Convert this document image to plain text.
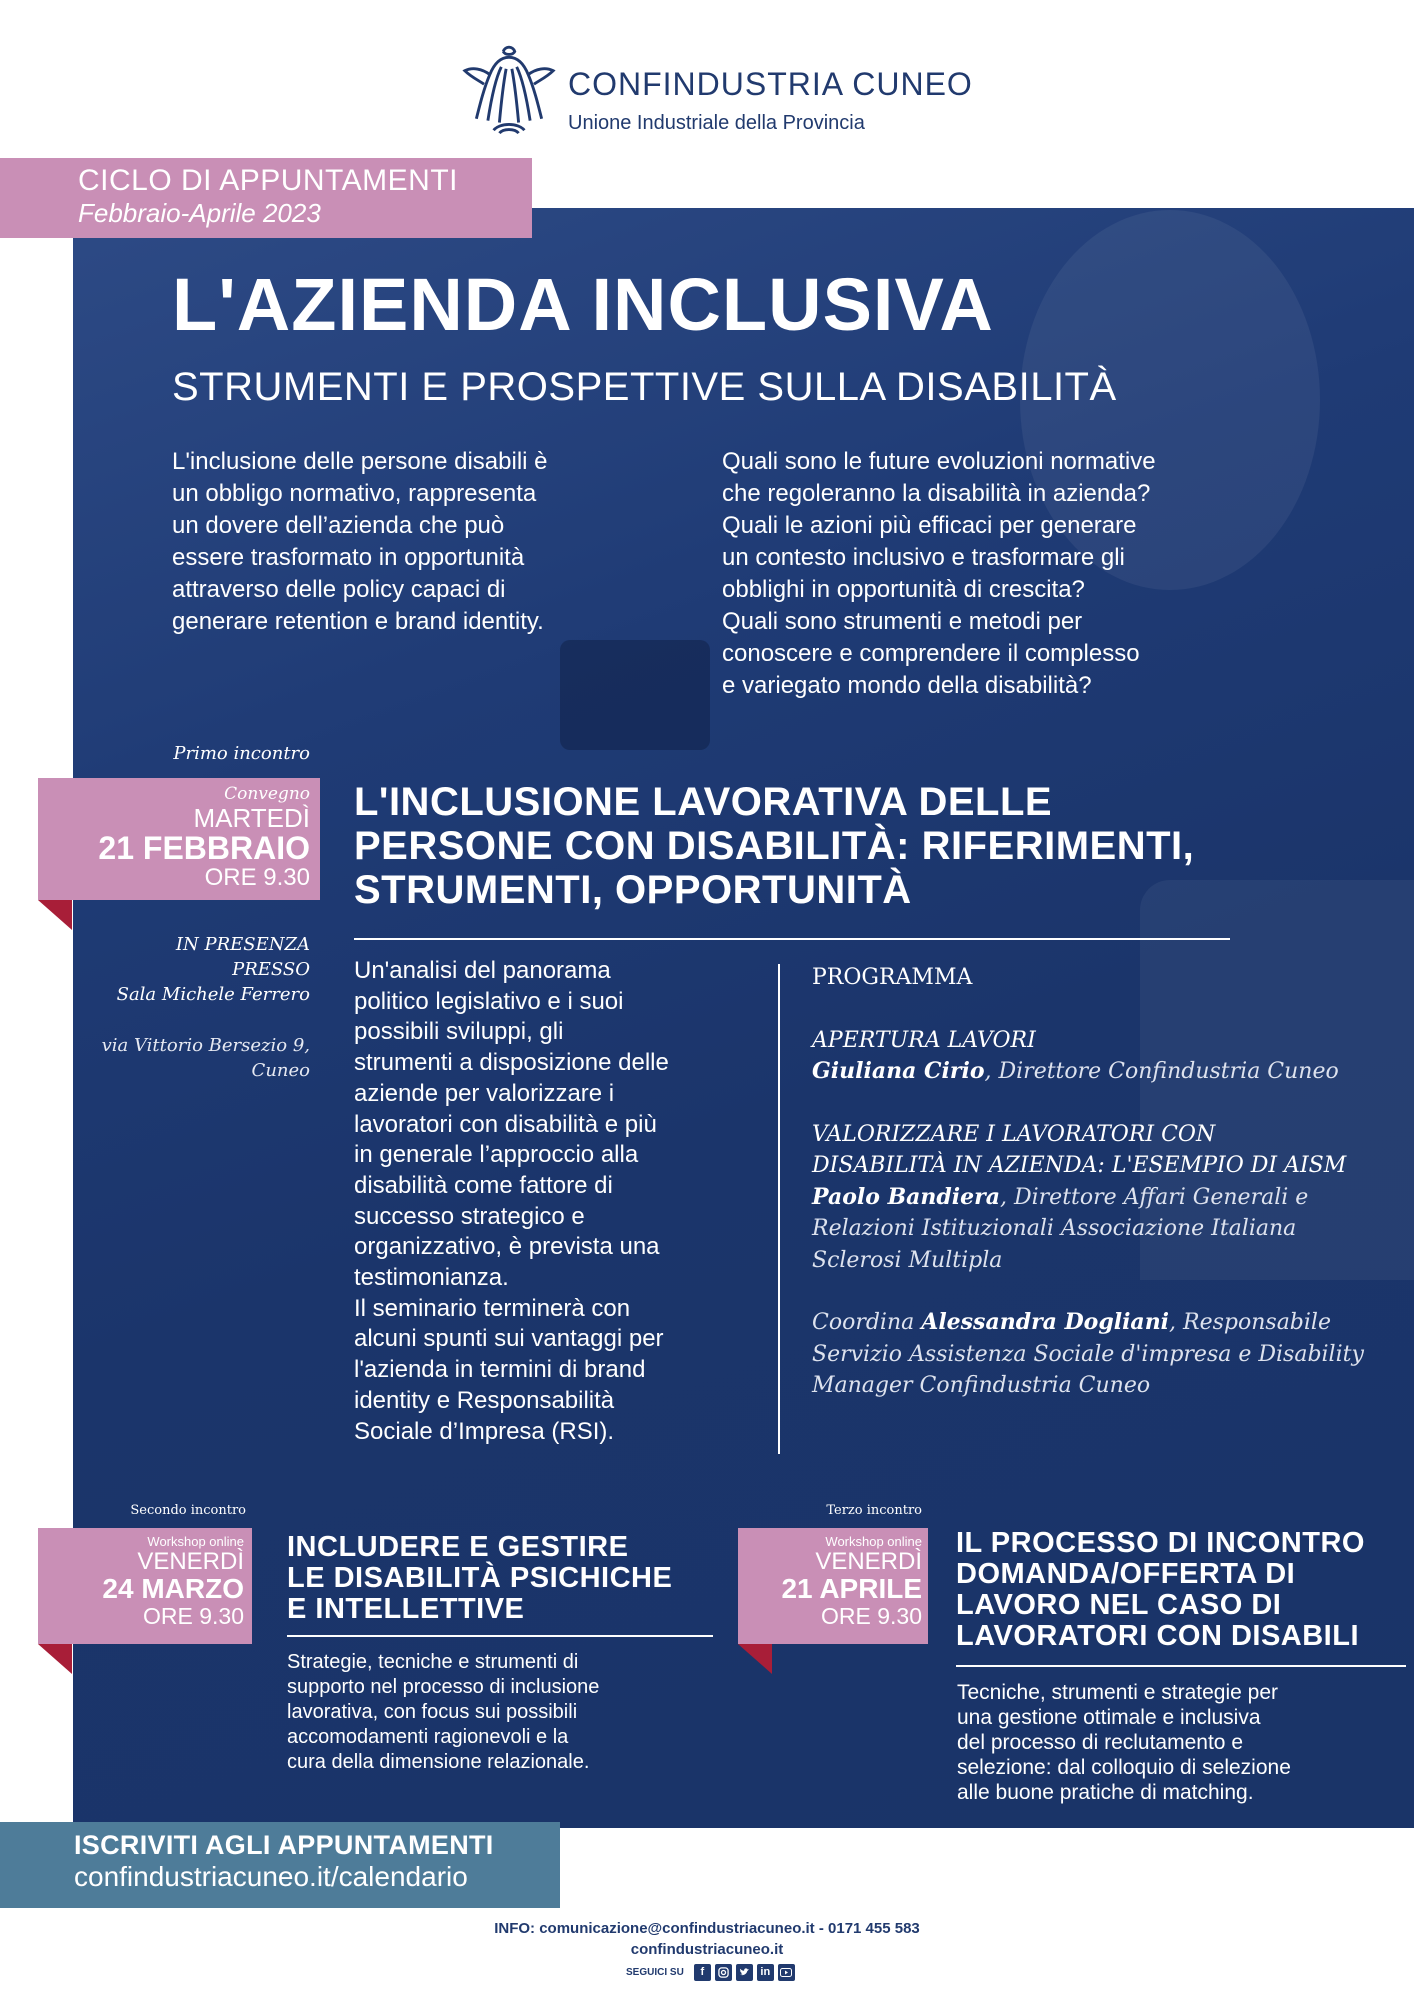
CONFINDUSTRIA CUNEO
Unione Industriale della Provincia
CICLO DI APPUNTAMENTI
Febbraio-Aprile 2023
L'AZIENDA INCLUSIVA
STRUMENTI E PROSPETTIVE SULLA DISABILITÀ
L'inclusione delle persone disabili è
un obbligo normativo, rappresenta
un dovere dell’azienda che può
essere trasformato in opportunità
attraverso delle policy capaci di
generare retention e brand identity.
Quali sono le future evoluzioni normative
che regoleranno la disabilità in azienda?
Quali le azioni più efficaci per generare
un contesto inclusivo e trasformare gli
obblighi in opportunità di crescita?
Quali sono strumenti e metodi per
conoscere e comprendere il complesso
e variegato mondo della disabilità?
Primo incontro
Convegno
MARTEDÌ
21 FEBBRAIO
ORE 9.30
IN PRESENZA
PRESSO
Sala Michele Ferrero
via Vittorio Bersezio 9,
Cuneo
L'INCLUSIONE LAVORATIVA DELLE
PERSONE CON DISABILITÀ: RIFERIMENTI,
STRUMENTI, OPPORTUNITÀ
Un'analisi del panorama
politico legislativo e i suoi
possibili sviluppi, gli
strumenti a disposizione delle
aziende per valorizzare i
lavoratori con disabilità e più
in generale l’approccio alla
disabilità come fattore di
successo strategico e
organizzativo, è prevista una
testimonianza.
Il seminario terminerà con
alcuni spunti sui vantaggi per
l'azienda in termini di brand
identity e Responsabilità
Sociale d’Impresa (RSI).
PROGRAMMA
APERTURA LAVORI
Giuliana Cirio, Direttore Confindustria Cuneo
VALORIZZARE I LAVORATORI CON
DISABILITÀ IN AZIENDA: L'ESEMPIO DI AISM
Paolo Bandiera, Direttore Affari Generali e
Relazioni Istituzionali Associazione Italiana
Sclerosi Multipla
Coordina Alessandra Dogliani, Responsabile
Servizio Assistenza Sociale d'impresa e Disability
Manager Confindustria Cuneo
Secondo incontro
Workshop online
VENERDÌ
24 MARZO
ORE 9.30
INCLUDERE E GESTIRE
LE DISABILITÀ PSICHICHE
E INTELLETTIVE
Strategie, tecniche e strumenti di
supporto nel processo di inclusione
lavorativa, con focus sui possibili
accomodamenti ragionevoli e la
cura della dimensione relazionale.
Terzo incontro
Workshop online
VENERDÌ
21 APRILE
ORE 9.30
IL PROCESSO DI INCONTRO
DOMANDA/OFFERTA DI
LAVORO NEL CASO DI
LAVORATORI CON DISABILI
Tecniche, strumenti e strategie per
una gestione ottimale e inclusiva
del processo di reclutamento e
selezione: dal colloquio di selezione
alle buone pratiche di matching.
ISCRIVITI AGLI APPUNTAMENTI
confindustriacuneo.it/calendario
Ingresso libero e gratuito
INFO: comunicazione@confindustriacuneo.it - 0171 455 583
confindustriacuneo.it
SEGUICI SU	f	in
